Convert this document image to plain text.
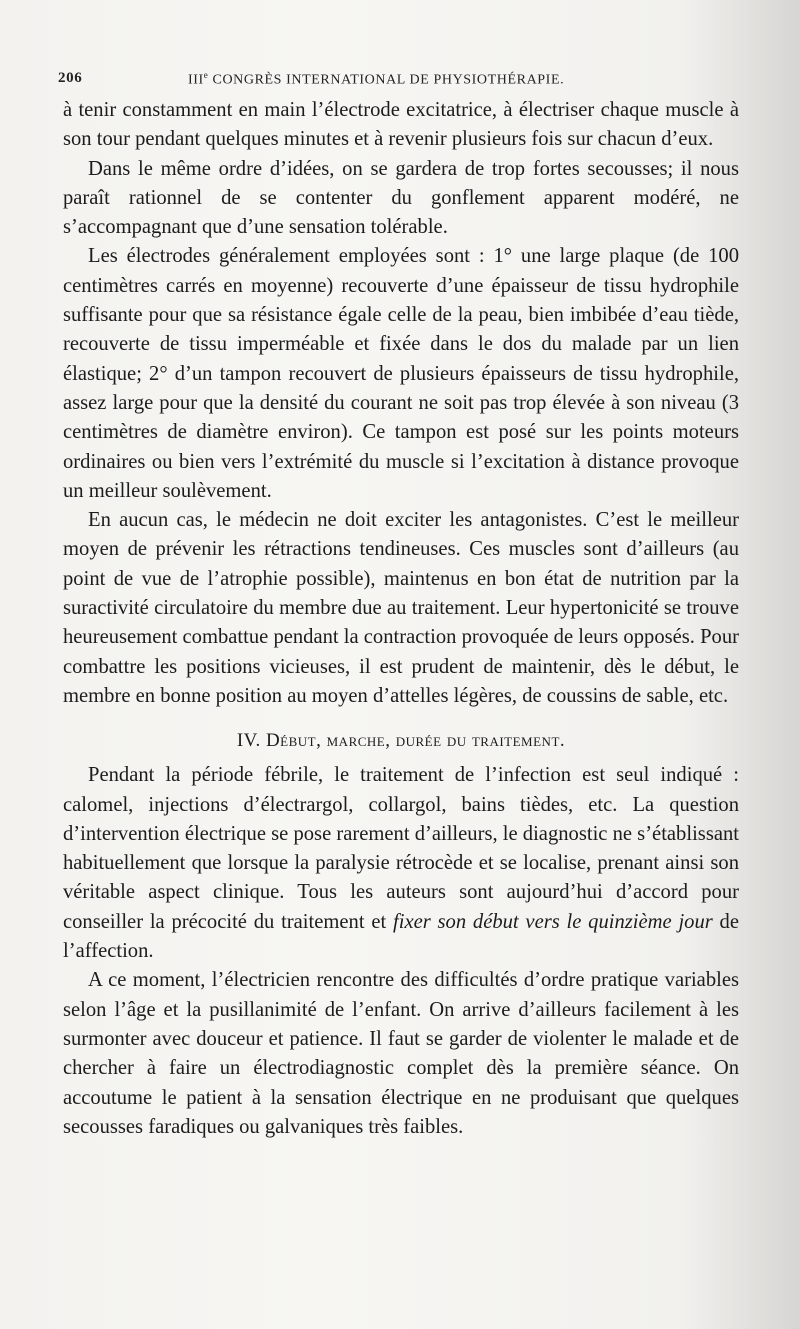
206	IIIe CONGRÈS INTERNATIONAL DE PHYSIOTHÉRAPIE.

à tenir constamment en main l’électrode excitatrice, à électriser chaque muscle à son tour pendant quelques minutes et à revenir plusieurs fois sur chacun d’eux.

Dans le même ordre d’idées, on se gardera de trop fortes secousses; il nous paraît rationnel de se contenter du gonflement apparent modéré, ne s’accompagnant que d’une sensation tolérable.

Les électrodes généralement employées sont : 1° une large plaque (de 100 centimètres carrés en moyenne) recouverte d’une épaisseur de tissu hydrophile suffisante pour que sa résistance égale celle de la peau, bien imbibée d’eau tiède, recouverte de tissu imperméable et fixée dans le dos du malade par un lien élastique; 2° d’un tampon recouvert de plusieurs épaisseurs de tissu hydrophile, assez large pour que la densité du courant ne soit pas trop élevée à son niveau (3 centimètres de diamètre environ). Ce tampon est posé sur les points moteurs ordinaires ou bien vers l’extrémité du muscle si l’excitation à distance provoque un meilleur soulèvement.

En aucun cas, le médecin ne doit exciter les antagonistes. C’est le meilleur moyen de prévenir les rétractions tendineuses. Ces muscles sont d’ailleurs (au point de vue de l’atrophie possible), maintenus en bon état de nutrition par la suractivité circulatoire du membre due au traitement. Leur hypertonicité se trouve heureusement combattue pendant la contraction provoquée de leurs opposés. Pour combattre les positions vicieuses, il est prudent de maintenir, dès le début, le membre en bonne position au moyen d’attelles légères, de coussins de sable, etc.

IV. Début, marche, durée du traitement.

Pendant la période fébrile, le traitement de l’infection est seul indiqué : calomel, injections d’électrargol, collargol, bains tièdes, etc. La question d’intervention électrique se pose rarement d’ailleurs, le diagnostic ne s’établissant habituellement que lorsque la paralysie rétrocède et se localise, prenant ainsi son véritable aspect clinique. Tous les auteurs sont aujourd’hui d’accord pour conseiller la précocité du traitement et fixer son début vers le quinzième jour de l’affection.

A ce moment, l’électricien rencontre des difficultés d’ordre pratique variables selon l’âge et la pusillanimité de l’enfant. On arrive d’ailleurs facilement à les surmonter avec douceur et patience. Il faut se garder de violenter le malade et de chercher à faire un électrodiagnostic complet dès la première séance. On accoutume le patient à la sensation électrique en ne produisant que quelques secousses faradiques ou galvaniques très faibles.
